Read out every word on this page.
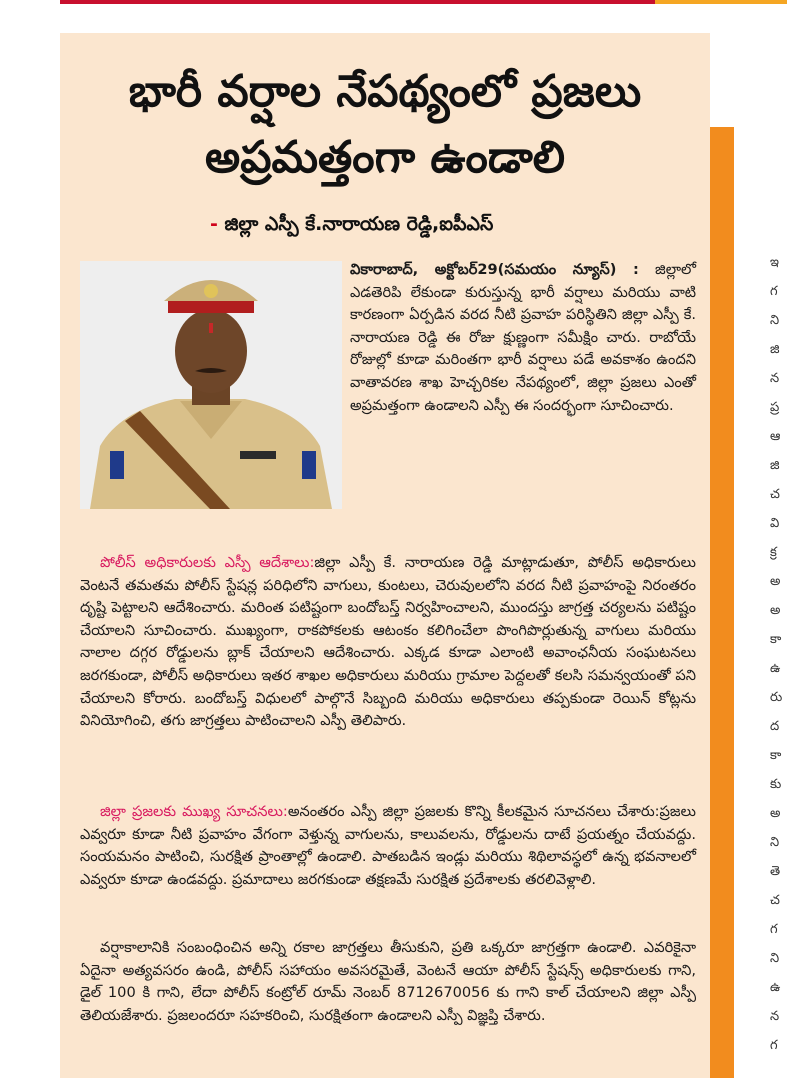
భారీ వర్షాల నేపథ్యంలో ప్రజలు
అప్రమత్తంగా ఉండాలి
- జిల్లా ఎస్పీ కే.నారాయణ రెడ్డి,ఐపీఎస్

వికారాబాద్, అక్టోబర్29(సమయం న్యూస్) : జిల్లాలో ఎడతెరిపి లేకుండా కురుస్తున్న భారీ వర్షాలు మరియు వాటి కారణంగా ఏర్పడిన వరద నీటి ప్రవాహ పరిస్థితిని జిల్లా ఎస్పీ కే. నారాయణ రెడ్డి ఈ రోజు క్షుణ్ణంగా సమీక్షిం చారు. రాబోయే రోజుల్లో కూడా మరింతగా భారీ వర్షాలు పడే అవకాశం ఉందని వాతావరణ శాఖ హెచ్చరికల నేపథ్యంలో, జిల్లా ప్రజలు ఎంతో అప్రమత్తంగా ఉండాలని ఎస్పీ ఈ సందర్భంగా సూచించారు.

పోలీస్ అధికారులకు ఎస్పీ ఆదేశాలు:జిల్లా ఎస్పీ కే. నారాయణ రెడ్డి మాట్లాడుతూ, పోలీస్ అధికారులు వెంటనే తమతమ పోలీస్ స్టేషన్ల పరిధిలోని వాగులు, కుంటలు, చెరువులలోని వరద నీటి ప్రవాహంపై నిరంతరం దృష్టి పెట్టాలని ఆదేశించారు. మరింత పటిష్టంగా బందోబస్త్ నిర్వహించాలని, ముందస్తు జాగ్రత్త చర్యలను పటిష్టం చేయాలని సూచించారు. ముఖ్యంగా, రాకపోకలకు ఆటంకం కలిగించేలా పొంగిపొర్లుతున్న వాగులు మరియు నాలాల దగ్గర రోడ్డులను బ్లాక్ చేయాలని ఆదేశించారు. ఎక్కడ కూడా ఎలాంటి అవాంఛనీయ సంఘటనలు జరగకుండా, పోలీస్ అధికారులు ఇతర శాఖల అధికారులు మరియు గ్రామాల పెద్దలతో కలసి సమన్వయంతో పని చేయాలని కోరారు. బందోబస్త్ విధులలో పాల్గొనే సిబ్బంది మరియు అధికారులు తప్పకుండా రెయిన్ కోట్లను వినియోగించి, తగు జాగ్రత్తలు పాటించాలని ఎస్పీ తెలిపారు.

జిల్లా ప్రజలకు ముఖ్య సూచనలు:అనంతరం ఎస్పీ జిల్లా ప్రజలకు కొన్ని కీలకమైన సూచనలు చేశారు:ప్రజలు ఎవ్వరూ కూడా నీటి ప్రవాహం వేగంగా వెళ్తున్న వాగులను, కాలువలను, రోడ్డులను దాటే ప్రయత్నం చేయవద్దు. సంయమనం పాటించి, సురక్షిత ప్రాంతాల్లో ఉండాలి. పాతబడిన ఇండ్లు మరియు శిథిలావస్థలో ఉన్న భవనాలలో ఎవ్వరూ కూడా ఉండవద్దు. ప్రమాదాలు జరగకుండా తక్షణమే సురక్షిత ప్రదేశాలకు తరలివెళ్లాలి.

వర్షాకాలానికి సంబంధించిన అన్ని రకాల జాగ్రత్తలు తీసుకుని, ప్రతి ఒక్కరూ జాగ్రత్తగా ఉండాలి. ఎవరికైనా ఏదైనా అత్యవసరం ఉండి, పోలీస్ సహాయం అవసరమైతే, వెంటనే ఆయా పోలీస్ స్టేషన్స్ అధికారులకు గాని, డైల్ 100 కి గాని, లేదా పోలీస్ కంట్రోల్ రూమ్ నెంబర్ 8712670056 కు గాని కాల్ చేయాలని జిల్లా ఎస్పీ తెలియజేశారు. ప్రజలందరూ సహకరించి, సురక్షితంగా ఉండాలని ఎస్పీ విజ్ఞప్తి చేశారు.

ఇ
గ
ని
జి
న
ప్ర
ఆ
జి
చ
వి
క్ర
అ
అ
కా
ఉ
రు
ద
కా
కు
అ
ని
తె
చ
గ
ని
ఉ
న
గ
